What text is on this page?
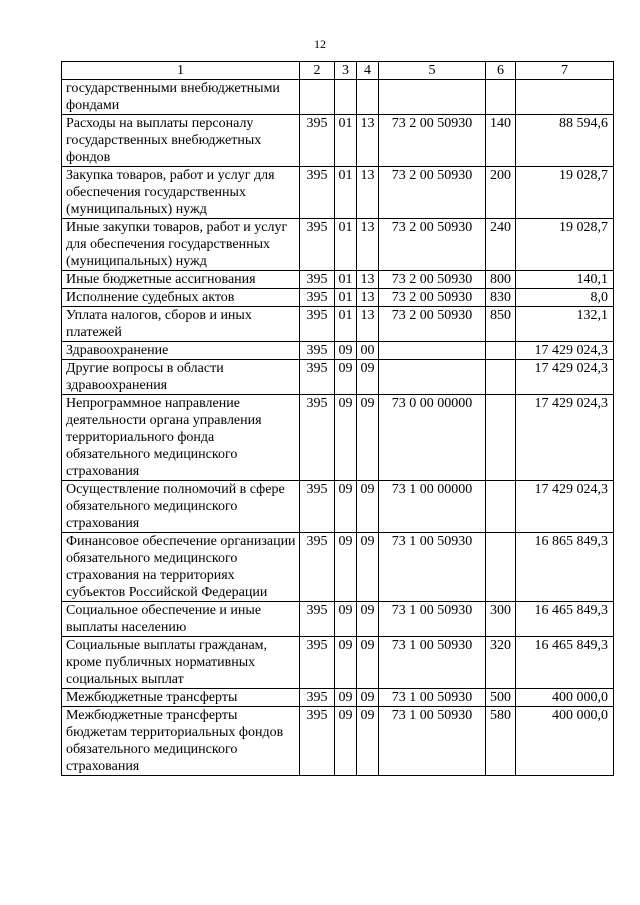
12
1	2	3	4	5	6	7
государственными внебюджетными фондами						
Расходы на выплаты персоналу государственных внебюджетных фондов	395	01	13	73 2 00 50930	140	88 594,6
Закупка товаров, работ и услуг для обеспечения государственных (муниципальных) нужд	395	01	13	73 2 00 50930	200	19 028,7
Иные закупки товаров, работ и услуг для обеспечения государственных (муниципальных) нужд	395	01	13	73 2 00 50930	240	19 028,7
Иные бюджетные ассигнования	395	01	13	73 2 00 50930	800	140,1
Исполнение судебных актов	395	01	13	73 2 00 50930	830	8,0
Уплата налогов, сборов и иных платежей	395	01	13	73 2 00 50930	850	132,1
Здравоохранение	395	09	00			17 429 024,3
Другие вопросы в области здравоохранения	395	09	09			17 429 024,3
Непрограммное направление деятельности органа управления территориального фонда обязательного медицинского страхования	395	09	09	73 0 00 00000		17 429 024,3
Осуществление полномочий в сфере обязательного медицинского страхования	395	09	09	73 1 00 00000		17 429 024,3
Финансовое обеспечение организации обязательного медицинского страхования на территориях субъектов Российской Федерации	395	09	09	73 1 00 50930		16 865 849,3
Социальное обеспечение и иные выплаты населению	395	09	09	73 1 00 50930	300	16 465 849,3
Социальные выплаты гражданам, кроме публичных нормативных социальных выплат	395	09	09	73 1 00 50930	320	16 465 849,3
Межбюджетные трансферты	395	09	09	73 1 00 50930	500	400 000,0
Межбюджетные трансферты бюджетам территориальных фондов обязательного медицинского страхования	395	09	09	73 1 00 50930	580	400 000,0
